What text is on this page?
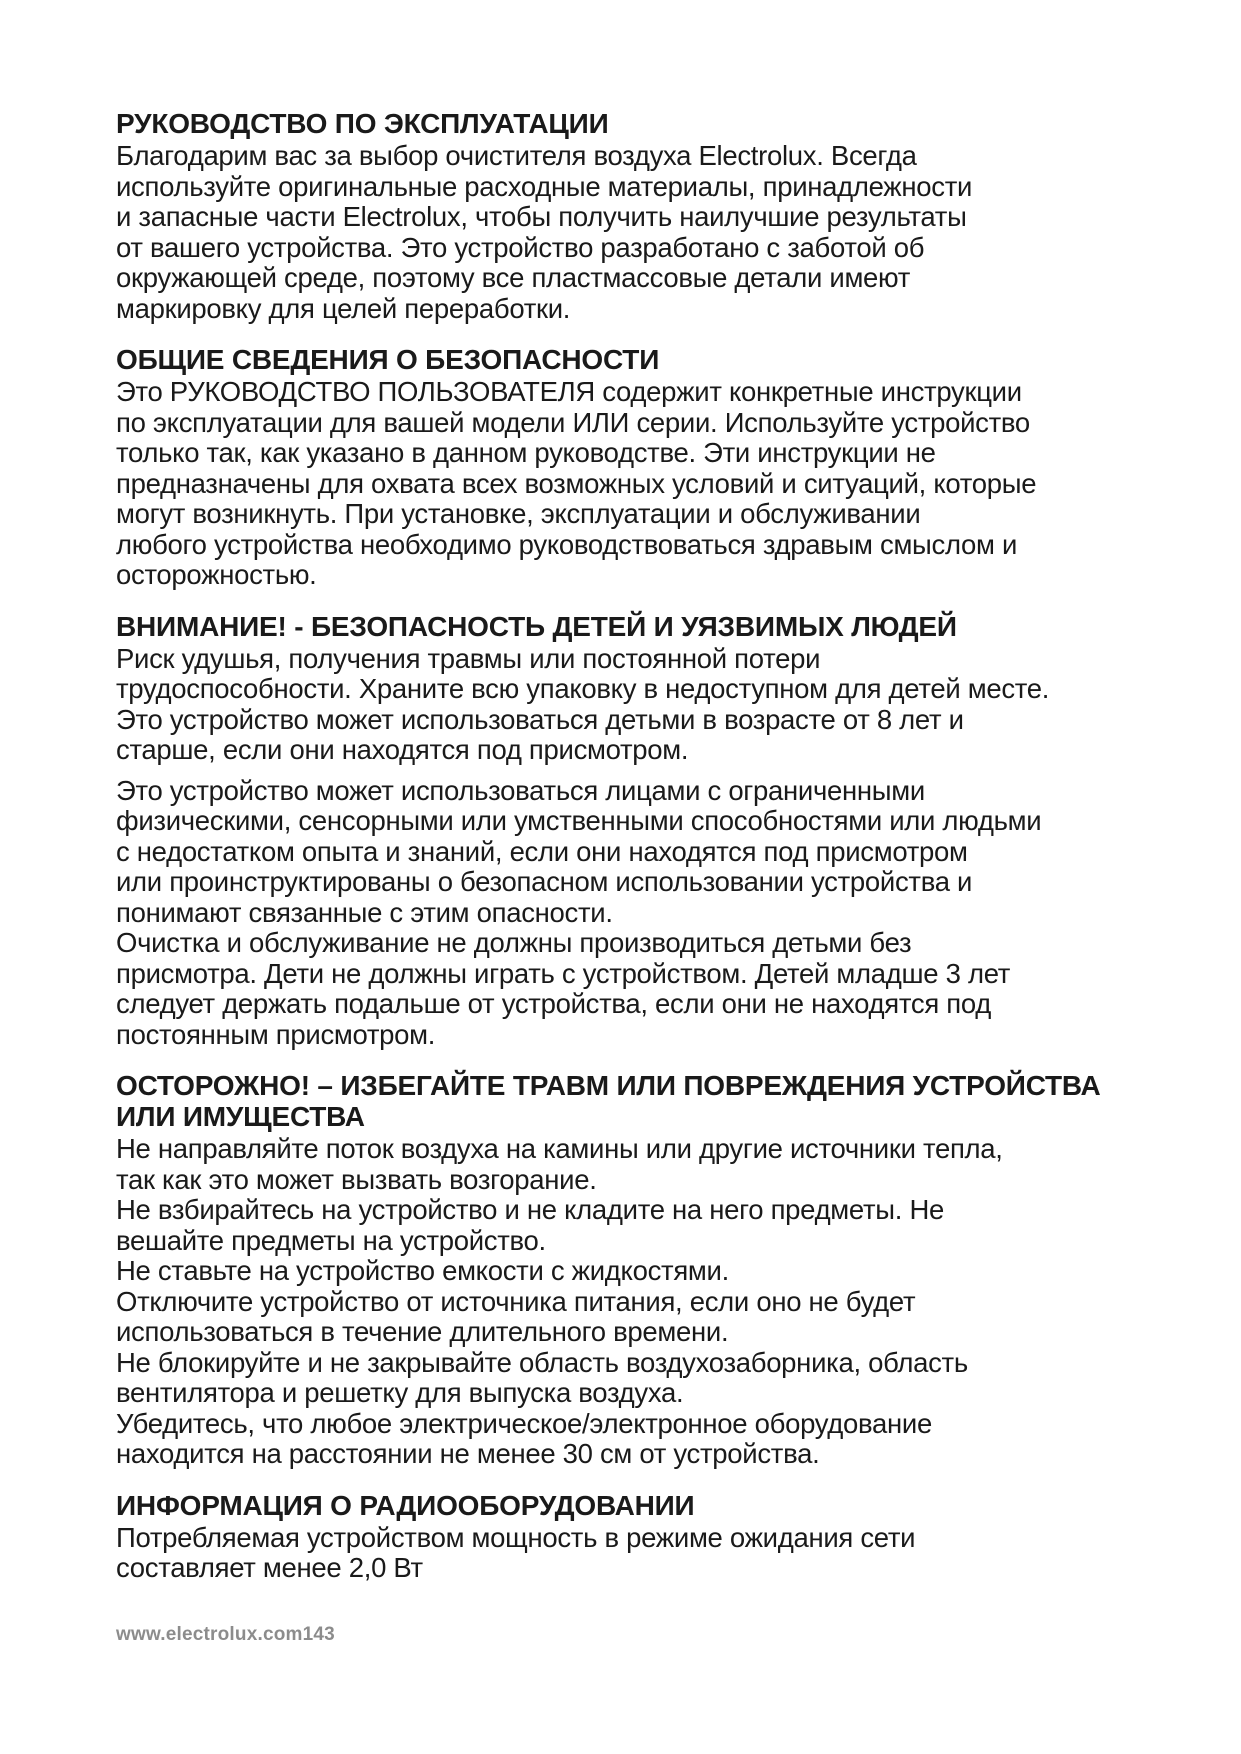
РУКОВОДСТВО ПО ЭКСПЛУАТАЦИИ

Благодарим вас за выбор очистителя воздуха Electrolux. Всегда
используйте оригинальные расходные материалы, принадлежности
и запасные части Electrolux, чтобы получить наилучшие результаты
от вашего устройства. Это устройство разработано с заботой об
окружающей среде, поэтому все пластмассовые детали имеют
маркировку для целей переработки.

ОБЩИЕ СВЕДЕНИЯ О БЕЗОПАСНОСТИ

Это РУКОВОДСТВО ПОЛЬЗОВАТЕЛЯ содержит конкретные инструкции
по эксплуатации для вашей модели ИЛИ серии. Используйте устройство
только так, как указано в данном руководстве. Эти инструкции не
предназначены для охвата всех возможных условий и ситуаций, которые
могут возникнуть. При установке, эксплуатации и обслуживании
любого устройства необходимо руководствоваться здравым смыслом и
осторожностью.

ВНИМАНИЕ! - БЕЗОПАСНОСТЬ ДЕТЕЙ И УЯЗВИМЫХ ЛЮДЕЙ

Риск удушья, получения травмы или постоянной потери
трудоспособности. Храните всю упаковку в недоступном для детей месте.
Это устройство может использоваться детьми в возрасте от 8 лет и
старше, если они находятся под присмотром.

Это устройство может использоваться лицами с ограниченными
физическими, сенсорными или умственными способностями или людьми
с недостатком опыта и знаний, если они находятся под присмотром
или проинструктированы о безопасном использовании устройства и
понимают связанные с этим опасности.
Очистка и обслуживание не должны производиться детьми без
присмотра. Дети не должны играть с устройством. Детей младше 3 лет
следует держать подальше от устройства, если они не находятся под
постоянным присмотром.

ОСТОРОЖНО! – ИЗБЕГАЙТЕ ТРАВМ ИЛИ ПОВРЕЖДЕНИЯ УСТРОЙСТВА
ИЛИ ИМУЩЕСТВА

Не направляйте поток воздуха на камины или другие источники тепла,
так как это может вызвать возгорание.
Не взбирайтесь на устройство и не кладите на него предметы. Не
вешайте предметы на устройство.
Не ставьте на устройство емкости с жидкостями.
Отключите устройство от источника питания, если оно не будет
использоваться в течение длительного времени.
Не блокируйте и не закрывайте область воздухозаборника, область
вентилятора и решетку для выпуска воздуха.
Убедитесь, что любое электрическое/электронное оборудование
находится на расстоянии не менее 30 см от устройства.

ИНФОРМАЦИЯ О РАДИООБОРУДОВАНИИ

Потребляемая устройством мощность в режиме ожидания сети
составляет менее 2,0 Вт

www.electrolux.com143
